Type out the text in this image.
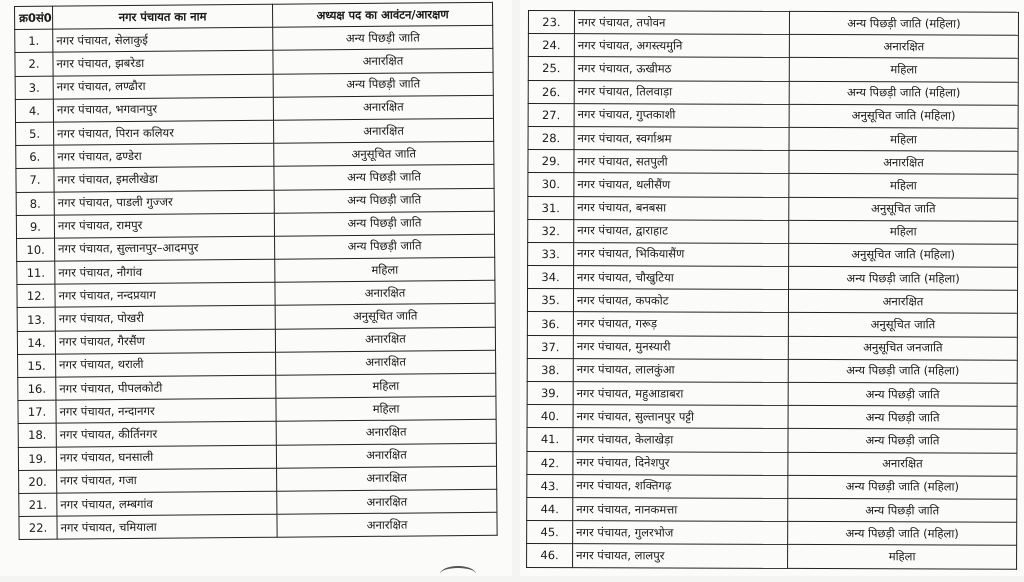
क्र0सं0	नगर पंचायत का नाम	अध्यक्ष पद का आवंटन/आरक्षण
1.	नगर पंचायत, सेलाकुई	अन्य पिछड़ी जाति
2.	नगर पंचायत, झबरेडा	अनारक्षित
3.	नगर पंचायत, लण्ढौरा	अन्य पिछड़ी जाति
4.	नगर पंचायत, भगवानपुर	अनारक्षित
5.	नगर पंचायत, पिरान कलियर	अनारक्षित
6.	नगर पंचायत, ढण्डेरा	अनुसूचित जाति
7.	नगर पंचायत, इमलीखेडा	अन्य पिछड़ी जाति
8.	नगर पंचायत, पाडली गुज्जर	अन्य पिछड़ी जाति
9.	नगर पंचायत, रामपुर	अन्य पिछड़ी जाति
10.	नगर पंचायत, सुल्तानपुर–आदमपुर	अन्य पिछड़ी जाति
11.	नगर पंचायत, नौगांव	महिला
12.	नगर पंचायत, नन्दप्रयाग	अनारक्षित
13.	नगर पंचायत, पोखरी	अनुसूचित जाति
14.	नगर पंचायत, गैरसैंण	अनारक्षित
15.	नगर पंचायत, थराली	अनारक्षित
16.	नगर पंचायत, पीपलकोटी	महिला
17.	नगर पंचायत, नन्दानगर	महिला
18.	नगर पंचायत, कीर्तिनगर	अनारक्षित
19.	नगर पंचायत, घनसाली	अनारक्षित
20.	नगर पंचायत, गजा	अनारक्षित
21.	नगर पंचायत, लम्बगांव	अनारक्षित
22.	नगर पंचायत, चमियाला	अनारक्षित
23.	नगर पंचायत, तपोवन	अन्य पिछड़ी जाति (महिला)
24.	नगर पंचायत, अगस्त्यमुनि	अनारक्षित
25.	नगर पंचायत, ऊखीमठ	महिला
26.	नगर पंचायत, तिलवाड़ा	अन्य पिछड़ी जाति (महिला)
27.	नगर पंचायत, गुप्तकाशी	अनुसूचित जाति (महिला)
28.	नगर पंचायत, स्वर्गाश्रम	महिला
29.	नगर पंचायत, सतपुली	अनारक्षित
30.	नगर पंचायत, थलीसैंण	महिला
31.	नगर पंचायत, बनबसा	अनुसूचित जाति
32.	नगर पंचायत, द्वाराहाट	महिला
33.	नगर पंचायत, भिकियासैंण	अनुसूचित जाति (महिला)
34.	नगर पंचायत, चौखुटिया	अन्य पिछड़ी जाति (महिला)
35.	नगर पंचायत, कपकोट	अनारक्षित
36.	नगर पंचायत, गरूड़	अनुसूचित जाति
37.	नगर पंचायत, मुनस्यारी	अनुसूचित जनजाति
38.	नगर पंचायत, लालकुंआ	अन्य पिछड़ी जाति (महिला)
39.	नगर पंचायत, महुआडाबरा	अन्य पिछड़ी जाति
40.	नगर पंचायत, सुल्तानपुर पट्टी	अन्य पिछड़ी जाति
41.	नगर पंचायत, केलाखेड़ा	अन्य पिछड़ी जाति
42.	नगर पंचायत, दिनेशपुर	अनारक्षित
43.	नगर पंचायत, शक्तिगढ़	अन्य पिछड़ी जाति (महिला)
44.	नगर पंचायत, नानकमत्ता	अन्य पिछड़ी जाति
45.	नगर पंचायत, गुलरभोज	अन्य पिछड़ी जाति (महिला)
46.	नगर पंचायत, लालपुर	महिला
